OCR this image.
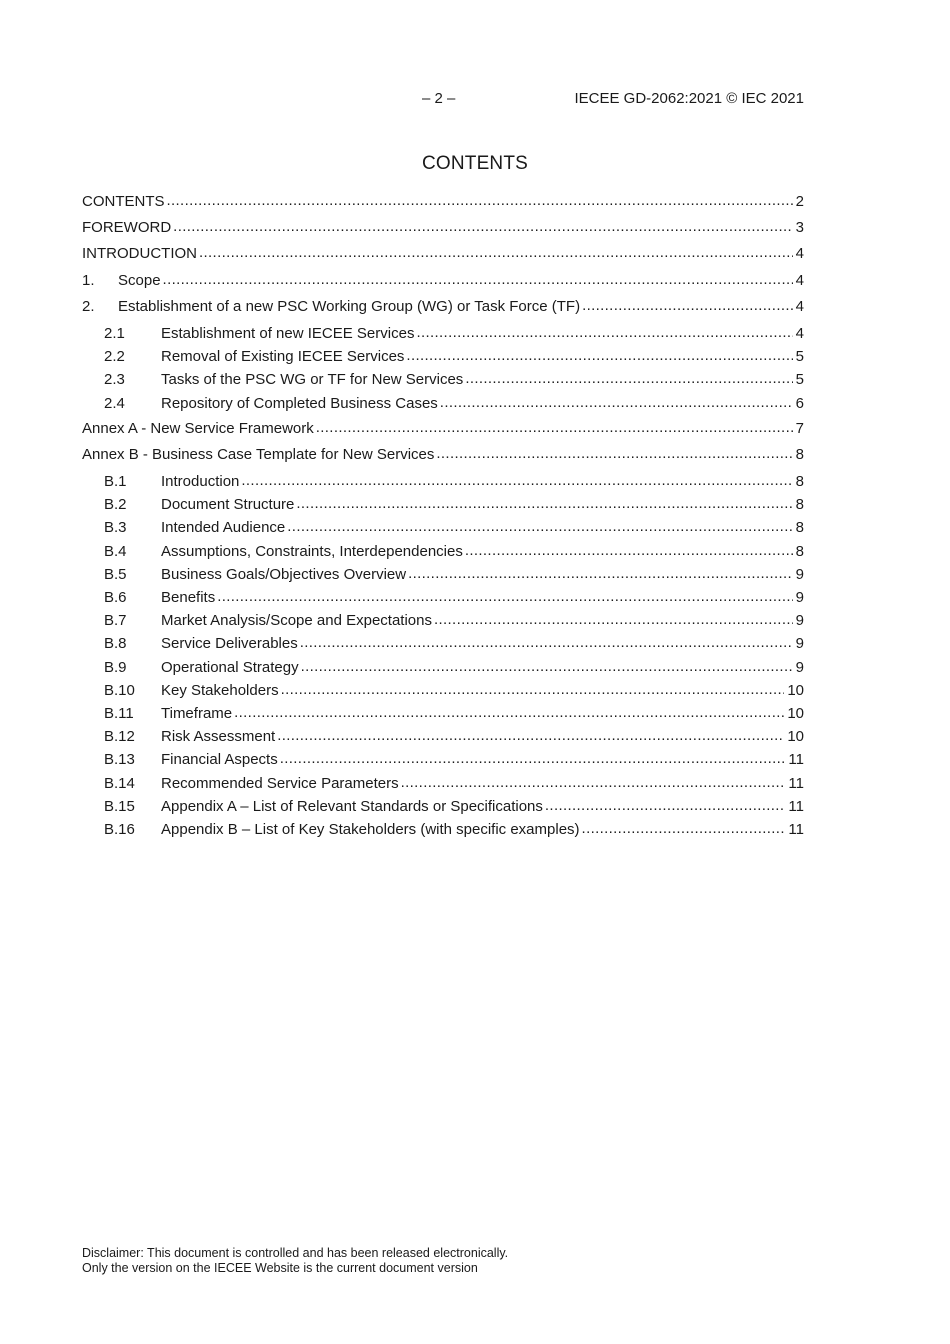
– 2 –	IECEE GD-2062:2021 © IEC 2021
CONTENTS
CONTENTS .....	2
FOREWORD .....	3
INTRODUCTION .....	4
1.	Scope .....	4
2.	Establishment of a new PSC Working Group (WG) or Task Force (TF) .....	4
2.1	Establishment of new IECEE Services .....	4
2.2	Removal of Existing IECEE Services .....	5
2.3	Tasks of the PSC WG or TF for New Services .....	5
2.4	Repository of Completed Business Cases .....	6
Annex A - New Service Framework .....	7
Annex B - Business Case Template for New Services .....	8
B.1	Introduction .....	8
B.2	Document Structure .....	8
B.3	Intended Audience .....	8
B.4	Assumptions, Constraints, Interdependencies .....	8
B.5	Business Goals/Objectives Overview .....	9
B.6	Benefits .....	9
B.7	Market Analysis/Scope and Expectations .....	9
B.8	Service Deliverables .....	9
B.9	Operational Strategy .....	9
B.10	Key Stakeholders .....	10
B.11	Timeframe .....	10
B.12	Risk Assessment .....	10
B.13	Financial Aspects .....	11
B.14	Recommended Service Parameters .....	11
B.15	Appendix A – List of Relevant Standards or Specifications .....	11
B.16	Appendix B – List of Key Stakeholders (with specific examples) .....	11
Disclaimer: This document is controlled and has been released electronically.
Only the version on the IECEE Website is the current document version
